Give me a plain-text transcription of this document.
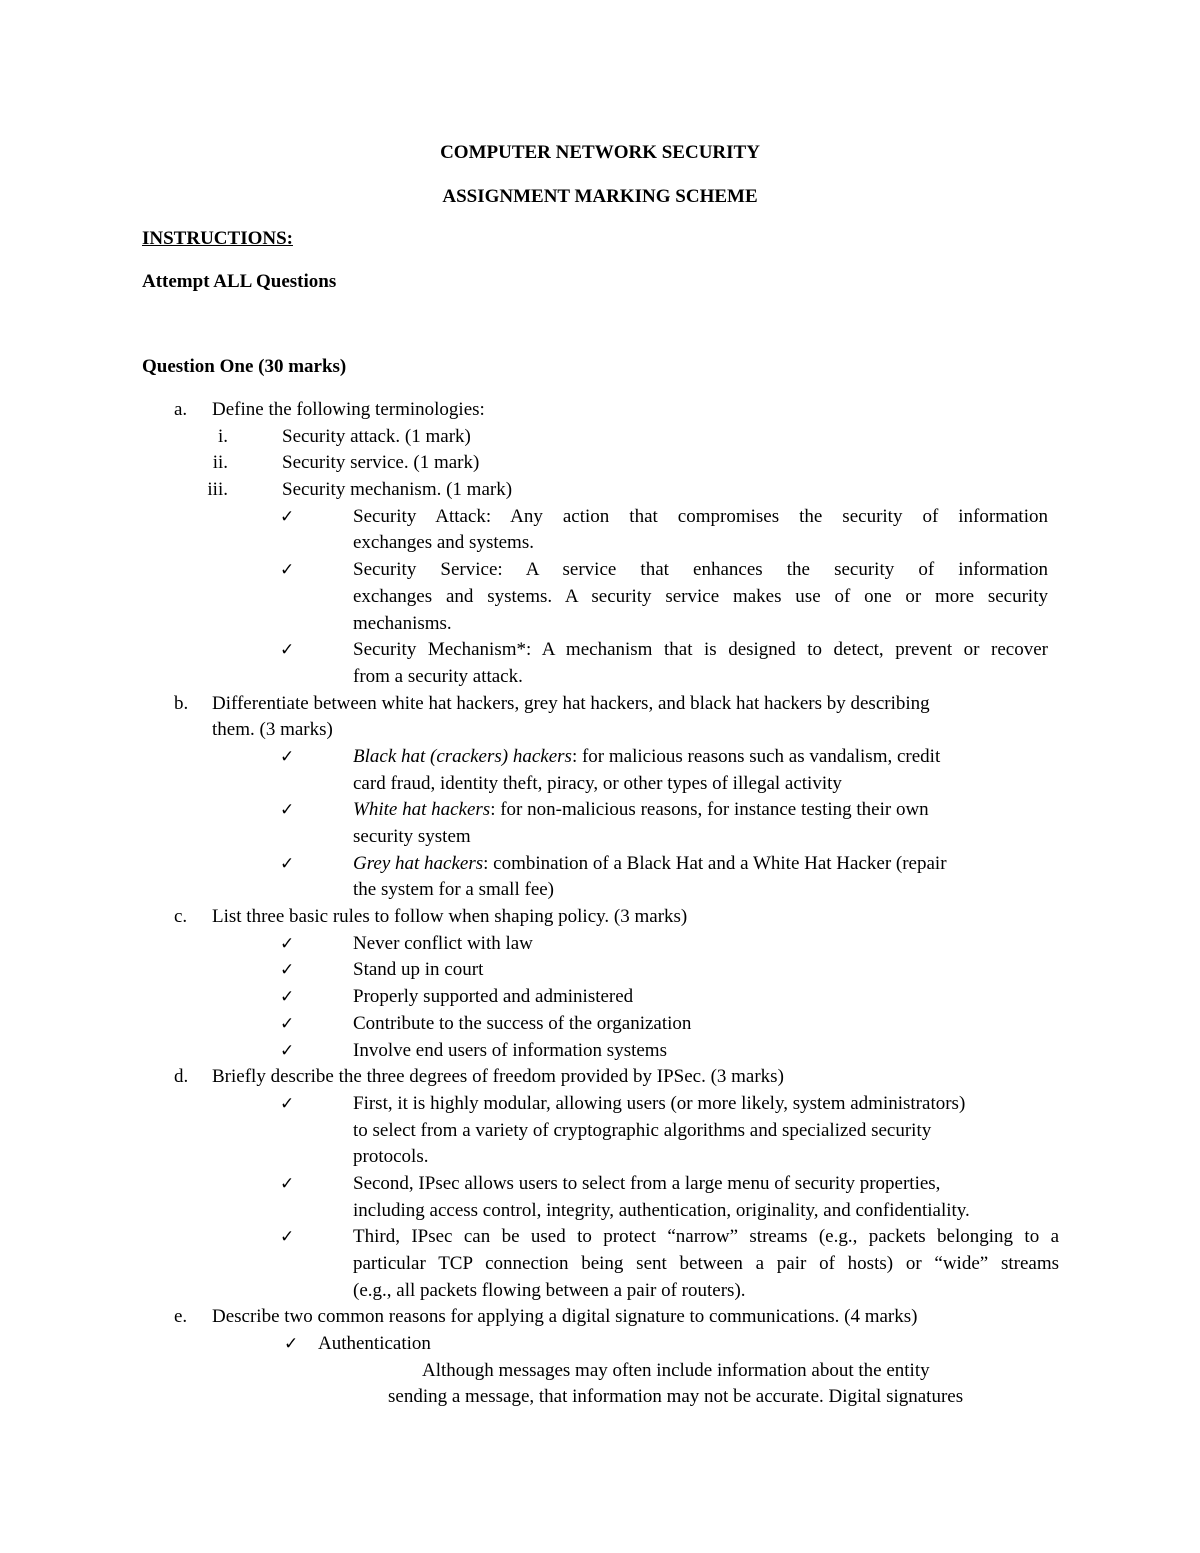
COMPUTER NETWORK SECURITY
ASSIGNMENT MARKING SCHEME
INSTRUCTIONS:
Attempt ALL Questions
Question One (30 marks)
a. Define the following terminologies:
i.	Security attack. (1 mark)
ii.	Security service. (1 mark)
iii.	Security mechanism. (1 mark)
✓	Security Attack: Any action that compromises the security of information
exchanges and systems.
✓	Security Service: A service that enhances the security of information
exchanges and systems. A security service makes use of one or more security
mechanisms.
✓	Security Mechanism*: A mechanism that is designed to detect, prevent or recover
from a security attack.
b. Differentiate between white hat hackers, grey hat hackers, and black hat hackers by describing
them. (3 marks)
✓	Black hat (crackers) hackers: for malicious reasons such as vandalism, credit
card fraud, identity theft, piracy, or other types of illegal activity
✓	White hat hackers: for non-malicious reasons, for instance testing their own
security system
✓	Grey hat hackers: combination of a Black Hat and a White Hat Hacker (repair
the system for a small fee)
c. List three basic rules to follow when shaping policy. (3 marks)
✓	Never conflict with law
✓	Stand up in court
✓	Properly supported and administered
✓	Contribute to the success of the organization
✓	Involve end users of information systems
d. Briefly describe the three degrees of freedom provided by IPSec. (3 marks)
✓	First, it is highly modular, allowing users (or more likely, system administrators)
to select from a variety of cryptographic algorithms and specialized security
protocols.
✓	Second, IPsec allows users to select from a large menu of security properties,
including access control, integrity, authentication, originality, and confidentiality.
✓	Third, IPsec can be used to protect “narrow” streams (e.g., packets belonging to a
particular TCP connection being sent between a pair of hosts) or “wide” streams
(e.g., all packets flowing between a pair of routers).
e. Describe two common reasons for applying a digital signature to communications. (4 marks)
✓ Authentication
Although messages may often include information about the entity
sending a message, that information may not be accurate. Digital signatures
